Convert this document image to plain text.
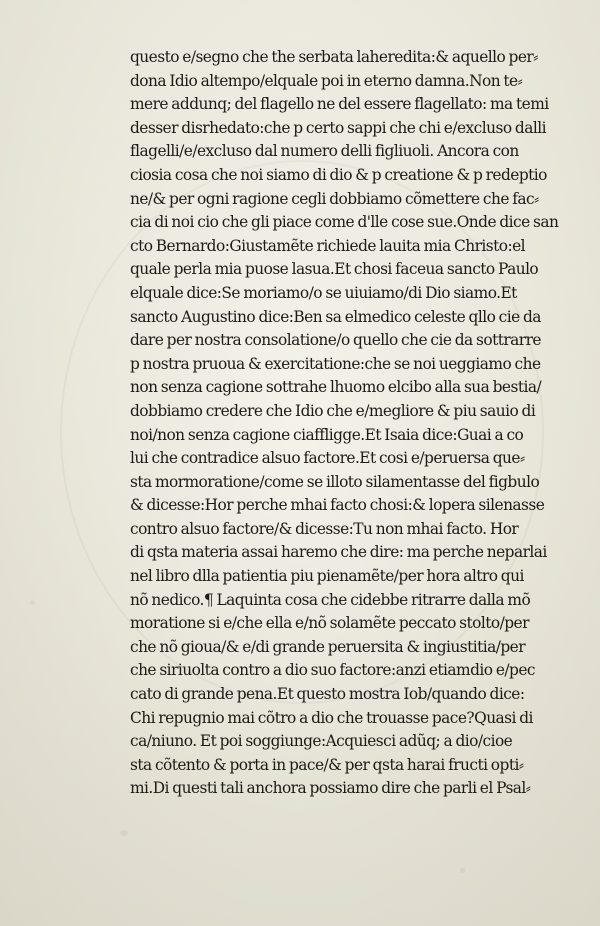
questo e/segno che the serbata laheredita:& aquello per⸗
dona Idio altempo/elquale poi in eterno damna.Non te⸗
mere addunq; del flagello ne del essere flagellato: ma temi
desser disrhedato:che p certo sappi che chi e/excluso dalli
flagelli/e/excluso dal numero delli figliuoli. Ancora con
ciosia cosa che noi siamo di dio & p creatione & p redeptio
ne/& per ogni ragione cegli dobbiamo cõmettere che fac⸗
cia di noi cio che gli piace come d'lle cose sue.Onde dice san
cto Bernardo:Giustamẽte richiede lauita mia Christo:el
quale perla mia puose lasua.Et chosi faceua sancto Paulo
elquale dice:Se moriamo/o se uiuiamo/di Dio siamo.Et
sancto Augustino dice:Ben sa elmedico celeste qllo cie da
dare per nostra consolatione/o quello che cie da sottrarre
p nostra pruoua & exercitatione:che se noi ueggiamo che
non senza cagione sottrahe lhuomo elcibo alla sua bestia/
dobbiamo credere che Idio che e/megliore & piu sauio di
noi/non senza cagione ciaffligge.Et Isaia dice:Guai a co
lui che contradice alsuo factore.Et cosi e/peruersa que⸗
sta mormoratione/come se illoto silamentasse del figbulo
& dicesse:Hor perche mhai facto chosi:& lopera silenasse
contro alsuo factore/& dicesse:Tu non mhai facto. Hor
di qsta materia assai haremo che dire: ma perche neparlai
nel libro dlla patientia piu pienamẽte/per hora altro qui
nõ nedico.¶ Laquinta cosa che cidebbe ritrarre dalla mõ
moratione si e/che ella e/nõ solamẽte peccato stolto/per
che nõ gioua/& e/di grande peruersita & ingiustitia/per
che siriuolta contro a dio suo factore:anzi etiamdio e/pec
cato di grande pena.Et questo mostra Iob/quando dice:
Chi repugnio mai cõtro a dio che trouasse pace?Quasi di
ca/niuno. Et poi soggiunge:Acquiesci adũq; a dio/cioe
sta cõtento & porta in pace/& per qsta harai fructi opti⸗
mi.Di questi tali anchora possiamo dire che parli el Psal⸗
